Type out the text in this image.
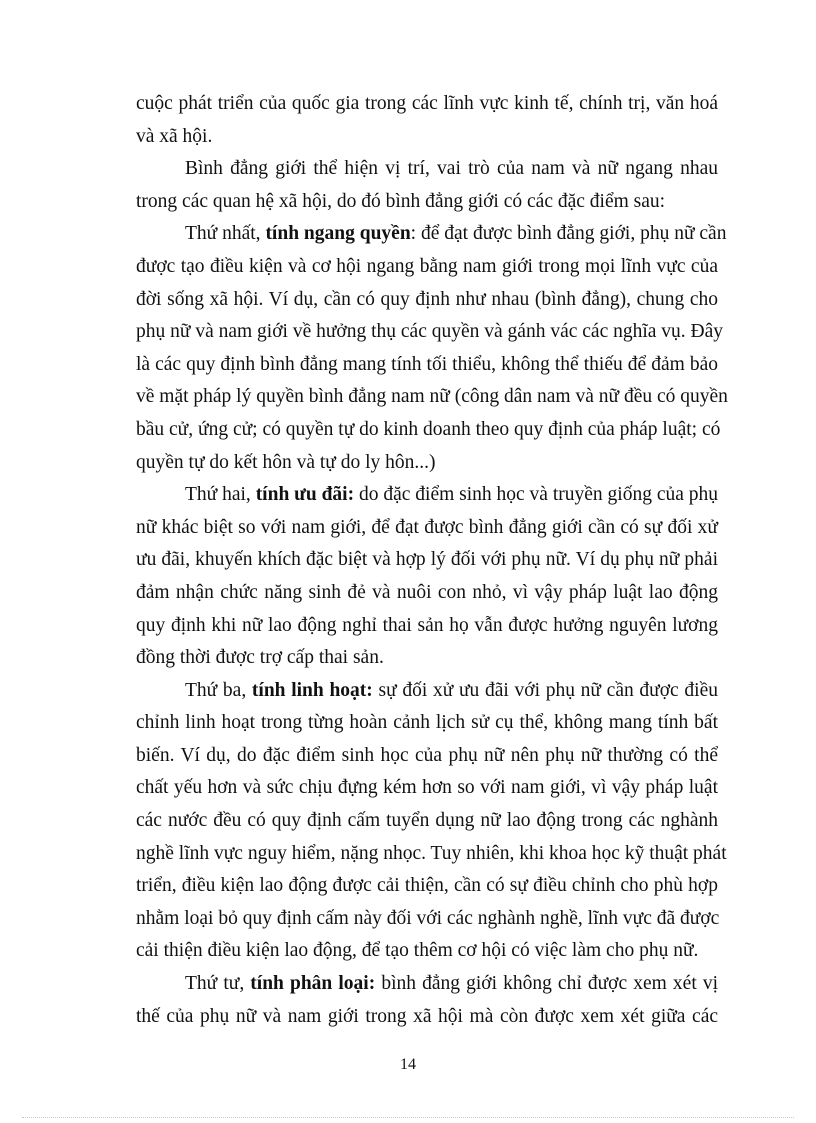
cuộc phát triển của quốc gia trong các lĩnh vực kinh tế, chính trị, văn hoá
và xã hội.
Bình đẳng giới thể hiện vị trí, vai trò của nam và nữ ngang nhau
trong các quan hệ xã hội, do đó bình đẳng giới có các đặc điểm sau:
Thứ nhất, tính ngang quyền: để đạt được bình đẳng giới, phụ nữ cần
được tạo điều kiện và cơ hội ngang bằng nam giới trong mọi lĩnh vực của
đời sống xã hội. Ví dụ, cần có quy định như nhau (bình đẳng), chung cho
phụ nữ và nam giới về hưởng thụ các quyền và gánh vác các nghĩa vụ. Đây
là các quy định bình đẳng mang tính tối thiểu, không thể thiếu để đảm bảo
về mặt pháp lý quyền bình đẳng nam nữ (công dân nam và nữ đều có quyền
bầu cử, ứng cử; có quyền tự do kinh doanh theo quy định của pháp luật; có
quyền tự do kết hôn và tự do ly hôn...)
Thứ hai, tính ưu đãi: do đặc điểm sinh học và truyền giống của phụ
nữ khác biệt so với nam giới, để đạt được bình đẳng giới cần có sự đối xử
ưu đãi, khuyến khích đặc biệt và hợp lý đối với phụ nữ. Ví dụ phụ nữ phải
đảm nhận chức năng sinh đẻ và nuôi con nhỏ, vì vậy pháp luật lao động
quy định khi nữ lao động nghỉ thai sản họ vẫn được hưởng nguyên lương
đồng thời được trợ cấp thai sản.
Thứ ba, tính linh hoạt: sự đối xử ưu đãi với phụ nữ cần được điều
chỉnh linh hoạt trong từng hoàn cảnh lịch sử cụ thể, không mang tính bất
biến. Ví dụ, do đặc điểm sinh học của phụ nữ nên phụ nữ thường có thể
chất yếu hơn và sức chịu đựng kém hơn so với nam giới, vì vậy pháp luật
các nước đều có quy định cấm tuyển dụng nữ lao động trong các nghành
nghề lĩnh vực nguy hiểm, nặng nhọc. Tuy nhiên, khi khoa học kỹ thuật phát
triển, điều kiện lao động được cải thiện, cần có sự điều chỉnh cho phù hợp
nhằm loại bỏ quy định cấm này đối với các nghành nghề, lĩnh vực đã được
cải thiện điều kiện lao động, để tạo thêm cơ hội có việc làm cho phụ nữ.
Thứ tư, tính phân loại: bình đẳng giới không chỉ được xem xét vị
thế của phụ nữ và nam giới trong xã hội mà còn được xem xét giữa các
14
